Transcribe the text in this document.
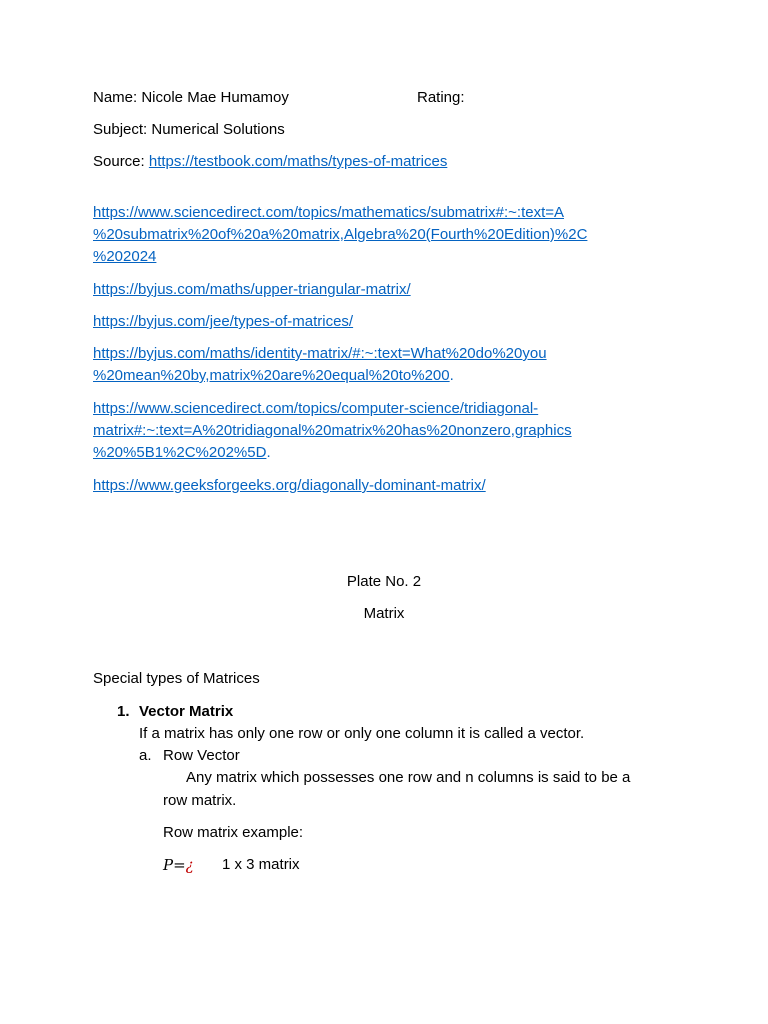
Name: Nicole Mae Humamoy	Rating:
Subject: Numerical Solutions
Source: https://testbook.com/maths/types-of-matrices
https://www.sciencedirect.com/topics/mathematics/submatrix#:~:text=A
%20submatrix%20of%20a%20matrix,Algebra%20(Fourth%20Edition)%2C
%202024
https://byjus.com/maths/upper-triangular-matrix/
https://byjus.com/jee/types-of-matrices/
https://byjus.com/maths/identity-matrix/#:~:text=What%20do%20you
%20mean%20by,matrix%20are%20equal%20to%200.
https://www.sciencedirect.com/topics/computer-science/tridiagonal-
matrix#:~:text=A%20tridiagonal%20matrix%20has%20nonzero,graphics
%20%5B1%2C%202%5D.
https://www.geeksforgeeks.org/diagonally-dominant-matrix/
Plate No. 2
Matrix
Special types of Matrices
1. Vector Matrix
If a matrix has only one row or only one column it is called a vector.
a. Row Vector
Any matrix which possesses one row and n columns is said to be a
row matrix.
Row matrix example:
P=¿ 1 x 3 matrix
